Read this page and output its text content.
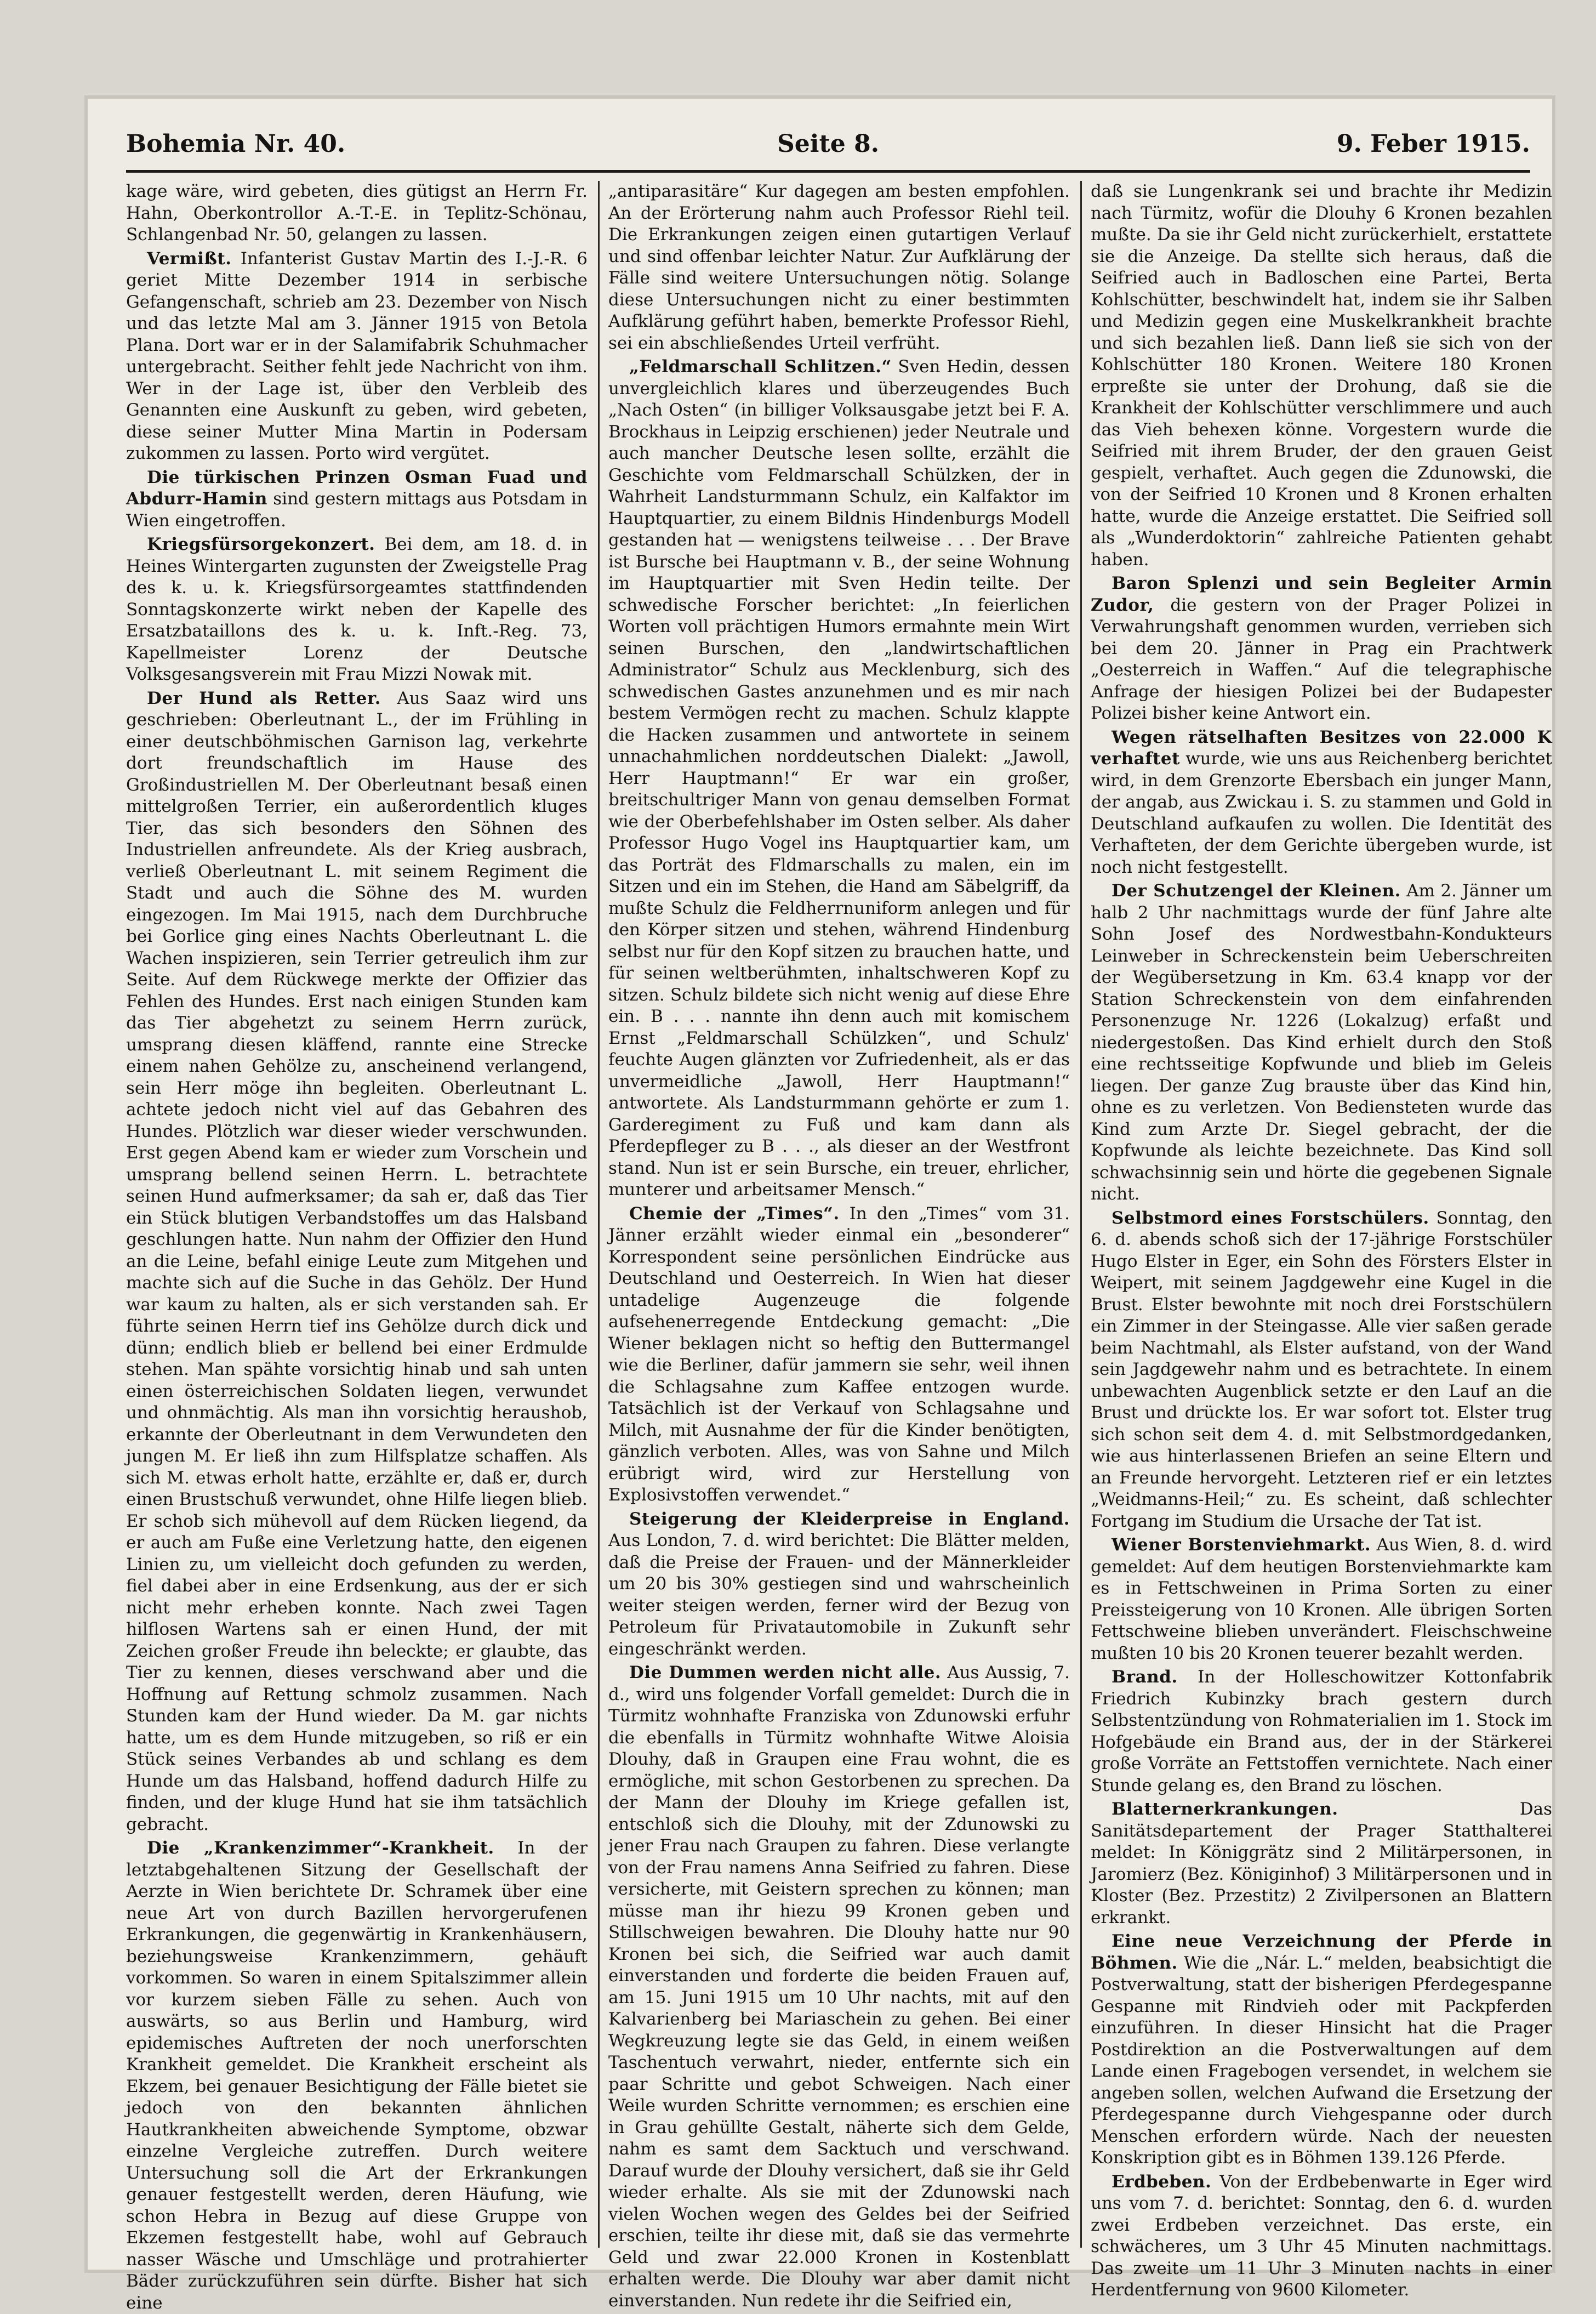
Bohemia Nr. 40.	Seite 8.	9. Feber 1915.

kage wäre, wird gebeten, dies gütigst an Herrn Fr. Hahn, Oberkontrollor A.-T.-E. in Teplitz-Schönau, Schlangenbad Nr. 50, gelangen zu lassen.

Vermißt. Infanterist Gustav Martin des I.-J.-R. 6 geriet Mitte Dezember 1914 in serbische Gefangenschaft, schrieb am 23. Dezember von Nisch und das letzte Mal am 3. Jänner 1915 von Betola Plana. Dort war er in der Salamifabrik Schuhmacher untergebracht. Seither fehlt jede Nachricht von ihm. Wer in der Lage ist, über den Verbleib des Genannten eine Auskunft zu geben, wird gebeten, diese seiner Mutter Mina Martin in Podersam zukommen zu lassen. Porto wird vergütet.

Die türkischen Prinzen Osman Fuad und Abdurr-Hamin sind gestern mittags aus Potsdam in Wien eingetroffen.

Kriegsfürsorgekonzert. Bei dem, am 18. d. in Heines Wintergarten zugunsten der Zweigstelle Prag des k. u. k. Kriegsfürsorgeamtes stattfindenden Sonntagskonzerte wirkt neben der Kapelle des Ersatzbataillons des k. u. k. Inft.-Reg. 73, Kapellmeister Lorenz der Deutsche Volksgesangsverein mit Frau Mizzi Nowak mit.

Der Hund als Retter. Aus Saaz wird uns geschrieben: Oberleutnant L., der im Frühling in einer deutschböhmischen Garnison lag, verkehrte dort freundschaftlich im Hause des Großindustriellen M. Der Oberleutnant besaß einen mittelgroßen Terrier, ein außerordentlich kluges Tier, das sich besonders den Söhnen des Industriellen anfreundete. Als der Krieg ausbrach, verließ Oberleutnant L. mit seinem Regiment die Stadt und auch die Söhne des M. wurden eingezogen. Im Mai 1915, nach dem Durchbruche bei Gorlice ging eines Nachts Oberleutnant L. die Wachen inspizieren, sein Terrier getreulich ihm zur Seite. Auf dem Rückwege merkte der Offizier das Fehlen des Hundes. Erst nach einigen Stunden kam das Tier abgehetzt zu seinem Herrn zurück, umsprang diesen kläffend, rannte eine Strecke einem nahen Gehölze zu, anscheinend verlangend, sein Herr möge ihn begleiten. Oberleutnant L. achtete jedoch nicht viel auf das Gebahren des Hundes. Plötzlich war dieser wieder verschwunden. Erst gegen Abend kam er wieder zum Vorschein und umsprang bellend seinen Herrn. L. betrachtete seinen Hund aufmerksamer; da sah er, daß das Tier ein Stück blutigen Verbandstoffes um das Halsband geschlungen hatte. Nun nahm der Offizier den Hund an die Leine, befahl einige Leute zum Mitgehen und machte sich auf die Suche in das Gehölz. Der Hund war kaum zu halten, als er sich verstanden sah. Er führte seinen Herrn tief ins Gehölze durch dick und dünn; endlich blieb er bellend bei einer Erdmulde stehen. Man spähte vorsichtig hinab und sah unten einen österreichischen Soldaten liegen, verwundet und ohnmächtig. Als man ihn vorsichtig heraushob, erkannte der Oberleutnant in dem Verwundeten den jungen M. Er ließ ihn zum Hilfsplatze schaffen. Als sich M. etwas erholt hatte, erzählte er, daß er, durch einen Brustschuß verwundet, ohne Hilfe liegen blieb. Er schob sich mühevoll auf dem Rücken liegend, da er auch am Fuße eine Verletzung hatte, den eigenen Linien zu, um vielleicht doch gefunden zu werden, fiel dabei aber in eine Erdsenkung, aus der er sich nicht mehr erheben konnte. Nach zwei Tagen hilflosen Wartens sah er einen Hund, der mit Zeichen großer Freude ihn beleckte; er glaubte, das Tier zu kennen, dieses verschwand aber und die Hoffnung auf Rettung schmolz zusammen. Nach Stunden kam der Hund wieder. Da M. gar nichts hatte, um es dem Hunde mitzugeben, so riß er ein Stück seines Verbandes ab und schlang es dem Hunde um das Halsband, hoffend dadurch Hilfe zu finden, und der kluge Hund hat sie ihm tatsächlich gebracht.

Die „Krankenzimmer“-Krankheit. In der letztabgehaltenen Sitzung der Gesellschaft der Aerzte in Wien berichtete Dr. Schramek über eine neue Art von durch Bazillen hervorgerufenen Erkrankungen, die gegenwärtig in Krankenhäusern, beziehungsweise Krankenzimmern, gehäuft vorkommen. So waren in einem Spitalszimmer allein vor kurzem sieben Fälle zu sehen. Auch von auswärts, so aus Berlin und Hamburg, wird epidemisches Auftreten der noch unerforschten Krankheit gemeldet. Die Krankheit erscheint als Ekzem, bei genauer Besichtigung der Fälle bietet sie jedoch von den bekannten ähnlichen Hautkrankheiten abweichende Symptome, obzwar einzelne Vergleiche zutreffen. Durch weitere Untersuchung soll die Art der Erkrankungen genauer festgestellt werden, deren Häufung, wie schon Hebra in Bezug auf diese Gruppe von Ekzemen festgestellt habe, wohl auf Gebrauch nasser Wäsche und Umschläge und protrahierter Bäder zurückzuführen sein dürfte. Bisher hat sich eine

„antiparasitäre“ Kur dagegen am besten empfohlen. An der Erörterung nahm auch Professor Riehl teil. Die Erkrankungen zeigen einen gutartigen Verlauf und sind offenbar leichter Natur. Zur Aufklärung der Fälle sind weitere Untersuchungen nötig. Solange diese Untersuchungen nicht zu einer bestimmten Aufklärung geführt haben, bemerkte Professor Riehl, sei ein abschließendes Urteil verfrüht.

„Feldmarschall Schlitzen.“ Sven Hedin, dessen unvergleichlich klares und überzeugendes Buch „Nach Osten“ (in billiger Volksausgabe jetzt bei F. A. Brockhaus in Leipzig erschienen) jeder Neutrale und auch mancher Deutsche lesen sollte, erzählt die Geschichte vom Feldmarschall Schülzken, der in Wahrheit Landsturmmann Schulz, ein Kalfaktor im Hauptquartier, zu einem Bildnis Hindenburgs Modell gestanden hat — wenigstens teilweise . . . Der Brave ist Bursche bei Hauptmann v. B., der seine Wohnung im Hauptquartier mit Sven Hedin teilte. Der schwedische Forscher berichtet: „In feierlichen Worten voll prächtigen Humors ermahnte mein Wirt seinen Burschen, den „landwirtschaftlichen Administrator“ Schulz aus Mecklenburg, sich des schwedischen Gastes anzunehmen und es mir nach bestem Vermögen recht zu machen. Schulz klappte die Hacken zusammen und antwortete in seinem unnachahmlichen norddeutschen Dialekt: „Jawoll, Herr Hauptmann!“ Er war ein großer, breitschultriger Mann von genau demselben Format wie der Oberbefehlshaber im Osten selber. Als daher Professor Hugo Vogel ins Hauptquartier kam, um das Porträt des Fldmarschalls zu malen, ein im Sitzen und ein im Stehen, die Hand am Säbelgriff, da mußte Schulz die Feldherrnuniform anlegen und für den Körper sitzen und stehen, während Hindenburg selbst nur für den Kopf sitzen zu brauchen hatte, und für seinen weltberühmten, inhaltschweren Kopf zu sitzen. Schulz bildete sich nicht wenig auf diese Ehre ein. B . . . nannte ihn denn auch mit komischem Ernst „Feldmarschall Schülzken“, und Schulz' feuchte Augen glänzten vor Zufriedenheit, als er das unvermeidliche „Jawoll, Herr Hauptmann!“ antwortete. Als Landsturmmann gehörte er zum 1. Garderegiment zu Fuß und kam dann als Pferdepfleger zu B . . ., als dieser an der Westfront stand. Nun ist er sein Bursche, ein treuer, ehrlicher, munterer und arbeitsamer Mensch.“

Chemie der „Times“. In den „Times“ vom 31. Jänner erzählt wieder einmal ein „besonderer“ Korrespondent seine persönlichen Eindrücke aus Deutschland und Oesterreich. In Wien hat dieser untadelige Augenzeuge die folgende aufsehenerregende Entdeckung gemacht: „Die Wiener beklagen nicht so heftig den Buttermangel wie die Berliner, dafür jammern sie sehr, weil ihnen die Schlagsahne zum Kaffee entzogen wurde. Tatsächlich ist der Verkauf von Schlagsahne und Milch, mit Ausnahme der für die Kinder benötigten, gänzlich verboten. Alles, was von Sahne und Milch erübrigt wird, wird zur Herstellung von Explosivstoffen verwendet.“

Steigerung der Kleiderpreise in England. Aus London, 7. d. wird berichtet: Die Blätter melden, daß die Preise der Frauen- und der Männerkleider um 20 bis 30% gestiegen sind und wahrscheinlich weiter steigen werden, ferner wird der Bezug von Petroleum für Privatautomobile in Zukunft sehr eingeschränkt werden.

Die Dummen werden nicht alle. Aus Aussig, 7. d., wird uns folgender Vorfall gemeldet: Durch die in Türmitz wohnhafte Franziska von Zdunowski erfuhr die ebenfalls in Türmitz wohnhafte Witwe Aloisia Dlouhy, daß in Graupen eine Frau wohnt, die es ermögliche, mit schon Gestorbenen zu sprechen. Da der Mann der Dlouhy im Kriege gefallen ist, entschloß sich die Dlouhy, mit der Zdunowski zu jener Frau nach Graupen zu fahren. Diese verlangte von der Frau namens Anna Seifried zu fahren. Diese versicherte, mit Geistern sprechen zu können; man müsse man ihr hiezu 99 Kronen geben und Stillschweigen bewahren. Die Dlouhy hatte nur 90 Kronen bei sich, die Seifried war auch damit einverstanden und forderte die beiden Frauen auf, am 15. Juni 1915 um 10 Uhr nachts, mit auf den Kalvarienberg bei Mariaschein zu gehen. Bei einer Wegkreuzung legte sie das Geld, in einem weißen Taschentuch verwahrt, nieder, entfernte sich ein paar Schritte und gebot Schweigen. Nach einer Weile wurden Schritte vernommen; es erschien eine in Grau gehüllte Gestalt, näherte sich dem Gelde, nahm es samt dem Sacktuch und verschwand. Darauf wurde der Dlouhy versichert, daß sie ihr Geld wieder erhalte. Als sie mit der Zdunowski nach vielen Wochen wegen des Geldes bei der Seifried erschien, teilte ihr diese mit, daß sie das vermehrte Geld und zwar 22.000 Kronen in Kostenblatt erhalten werde. Die Dlouhy war aber damit nicht einverstanden. Nun redete ihr die Seifried ein,

daß sie Lungenkrank sei und brachte ihr Medizin nach Türmitz, wofür die Dlouhy 6 Kronen bezahlen mußte. Da sie ihr Geld nicht zurückerhielt, erstattete sie die Anzeige. Da stellte sich heraus, daß die Seifried auch in Badloschen eine Partei, Berta Kohlschütter, beschwindelt hat, indem sie ihr Salben und Medizin gegen eine Muskelkrankheit brachte und sich bezahlen ließ. Dann ließ sie sich von der Kohlschütter 180 Kronen. Weitere 180 Kronen erpreßte sie unter der Drohung, daß sie die Krankheit der Kohlschütter verschlimmere und auch das Vieh behexen könne. Vorgestern wurde die Seifried mit ihrem Bruder, der den grauen Geist gespielt, verhaftet. Auch gegen die Zdunowski, die von der Seifried 10 Kronen und 8 Kronen erhalten hatte, wurde die Anzeige erstattet. Die Seifried soll als „Wunderdoktorin“ zahlreiche Patienten gehabt haben.

Baron Splenzi und sein Begleiter Armin Zudor, die gestern von der Prager Polizei in Verwahrungshaft genommen wurden, verrieben sich bei dem 20. Jänner in Prag ein Prachtwerk „Oesterreich in Waffen.“ Auf die telegraphische Anfrage der hiesigen Polizei bei der Budapester Polizei bisher keine Antwort ein.

Wegen rätselhaften Besitzes von 22.000 K verhaftet wurde, wie uns aus Reichenberg berichtet wird, in dem Grenzorte Ebersbach ein junger Mann, der angab, aus Zwickau i. S. zu stammen und Gold in Deutschland aufkaufen zu wollen. Die Identität des Verhafteten, der dem Gerichte übergeben wurde, ist noch nicht festgestellt.

Der Schutzengel der Kleinen. Am 2. Jänner um halb 2 Uhr nachmittags wurde der fünf Jahre alte Sohn Josef des Nordwestbahn-Kondukteurs Leinweber in Schreckenstein beim Ueberschreiten der Wegübersetzung in Km. 63.4 knapp vor der Station Schreckenstein von dem einfahrenden Personenzuge Nr. 1226 (Lokalzug) erfaßt und niedergestoßen. Das Kind erhielt durch den Stoß eine rechtsseitige Kopfwunde und blieb im Geleis liegen. Der ganze Zug brauste über das Kind hin, ohne es zu verletzen. Von Bediensteten wurde das Kind zum Arzte Dr. Siegel gebracht, der die Kopfwunde als leichte bezeichnete. Das Kind soll schwachsinnig sein und hörte die gegebenen Signale nicht.

Selbstmord eines Forstschülers. Sonntag, den 6. d. abends schoß sich der 17-jährige Forstschüler Hugo Elster in Eger, ein Sohn des Försters Elster in Weipert, mit seinem Jagdgewehr eine Kugel in die Brust. Elster bewohnte mit noch drei Forstschülern ein Zimmer in der Steingasse. Alle vier saßen gerade beim Nachtmahl, als Elster aufstand, von der Wand sein Jagdgewehr nahm und es betrachtete. In einem unbewachten Augenblick setzte er den Lauf an die Brust und drückte los. Er war sofort tot. Elster trug sich schon seit dem 4. d. mit Selbstmordgedanken, wie aus hinterlassenen Briefen an seine Eltern und an Freunde hervorgeht. Letzteren rief er ein letztes „Weidmanns-Heil;“ zu. Es scheint, daß schlechter Fortgang im Studium die Ursache der Tat ist.

Wiener Borstenviehmarkt. Aus Wien, 8. d. wird gemeldet: Auf dem heutigen Borstenviehmarkte kam es in Fettschweinen in Prima Sorten zu einer Preissteigerung von 10 Kronen. Alle übrigen Sorten Fettschweine blieben unverändert. Fleischschweine mußten 10 bis 20 Kronen teuerer bezahlt werden.

Brand. In der Holleschowitzer Kottonfabrik Friedrich Kubinzky brach gestern durch Selbstentzündung von Rohmaterialien im 1. Stock im Hofgebäude ein Brand aus, der in der Stärkerei große Vorräte an Fettstoffen vernichtete. Nach einer Stunde gelang es, den Brand zu löschen.

Blatternerkrankungen.	Das Sanitätsdepartement der Prager Statthalterei meldet: In Königgrätz sind 2 Militärpersonen, in Jaromierz (Bez. Königinhof) 3 Militärpersonen und in Kloster (Bez. Przestitz) 2 Zivilpersonen an Blattern erkrankt.

Eine neue Verzeichnung der Pferde in Böhmen. Wie die „Nár. L.“ melden, beabsichtigt die Postverwaltung, statt der bisherigen Pferdegespanne Gespanne mit Rindvieh oder mit Packpferden einzuführen. In dieser Hinsicht hat die Prager Postdirektion an die Postverwaltungen auf dem Lande einen Fragebogen versendet, in welchem sie angeben sollen, welchen Aufwand die Ersetzung der Pferdegespanne durch Viehgespanne oder durch Menschen erfordern würde. Nach der neuesten Konskription gibt es in Böhmen 139.126 Pferde.

Erdbeben. Von der Erdbebenwarte in Eger wird uns vom 7. d. berichtet: Sonntag, den 6. d. wurden zwei Erdbeben verzeichnet. Das erste, ein schwächeres, um 3 Uhr 45 Minuten nachmittags. Das zweite um 11 Uhr 3 Minuten nachts in einer Herdentfernung von 9600 Kilometer.
